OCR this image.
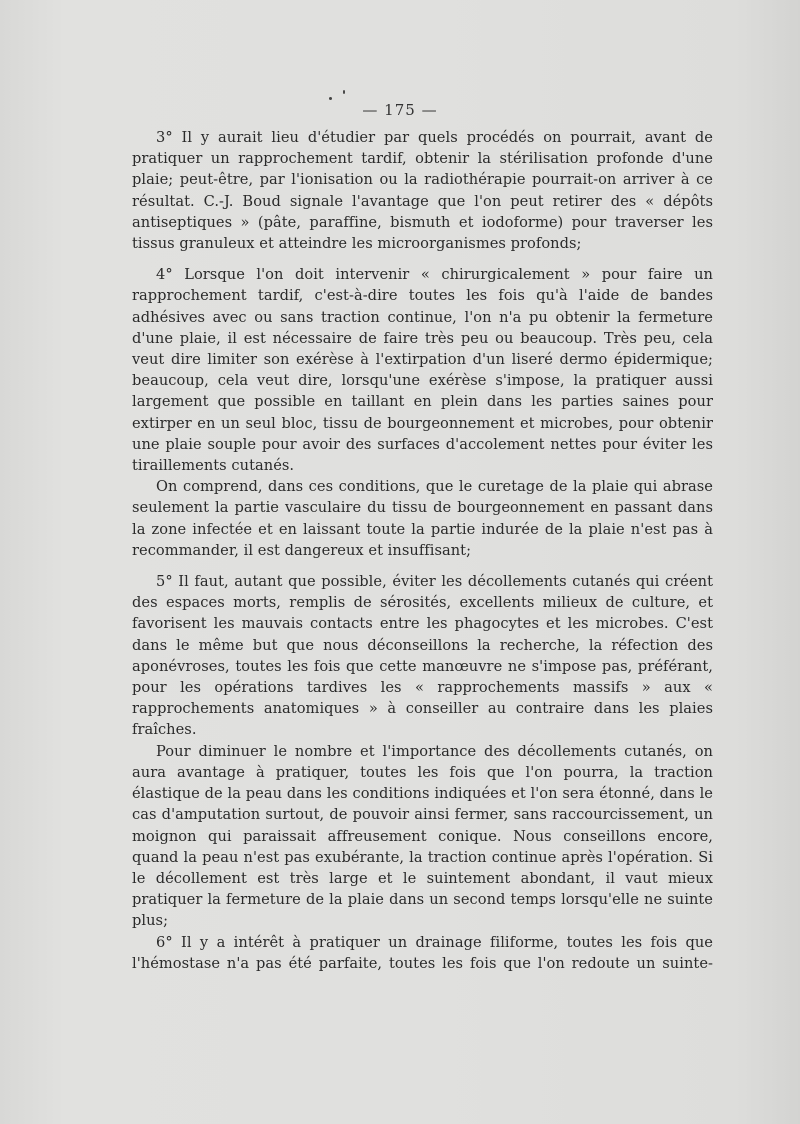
— 175 —

3° Il y aurait lieu d'étudier par quels procédés on pourrait, avant de pratiquer un rapprochement tardif, obtenir la stérilisation profonde d'une plaie; peut-être, par l'ionisation ou la radiothérapie pourrait-on arriver à ce résultat. C.-J. Boud signale l'avantage que l'on peut retirer des « dépôts antiseptiques » (pâte, paraffine, bismuth et iodoforme) pour traverser les tissus granuleux et atteindre les microorganismes profonds;

4° Lorsque l'on doit intervenir « chirurgicalement » pour faire un rapprochement tardif, c'est-à-dire toutes les fois qu'à l'aide de bandes adhésives avec ou sans traction continue, l'on n'a pu obtenir la fermeture d'une plaie, il est nécessaire de faire très peu ou beaucoup. Très peu, cela veut dire limiter son exérèse à l'extirpation d'un liseré dermo épidermique; beaucoup, cela veut dire, lorsqu'une exérèse s'impose, la pratiquer aussi largement que possible en taillant en plein dans les parties saines pour extirper en un seul bloc, tissu de bourgeonnement et microbes, pour obtenir une plaie souple pour avoir des surfaces d'accolement nettes pour éviter les tiraillements cutanés.

On comprend, dans ces conditions, que le curetage de la plaie qui abrase seulement la partie vasculaire du tissu de bourgeonnement en passant dans la zone infectée et en laissant toute la partie indurée de la plaie n'est pas à recommander, il est dangereux et insuffisant;

5° Il faut, autant que possible, éviter les décollements cutanés qui créent des espaces morts, remplis de sérosités, excellents milieux de culture, et favorisent les mauvais contacts entre les phagocytes et les microbes. C'est dans le même but que nous déconseillons la recherche, la réfection des aponévroses, toutes les fois que cette manœuvre ne s'impose pas, préférant, pour les opérations tardives les « rapprochements massifs » aux « rapprochements anatomiques » à conseiller au contraire dans les plaies fraîches.

Pour diminuer le nombre et l'importance des décollements cutanés, on aura avantage à pratiquer, toutes les fois que l'on pourra, la traction élastique de la peau dans les conditions indiquées et l'on sera étonné, dans le cas d'amputation surtout, de pouvoir ainsi fermer, sans raccourcissement, un moignon qui paraissait affreusement conique. Nous conseillons encore, quand la peau n'est pas exubérante, la traction continue après l'opération. Si le décollement est très large et le suintement abondant, il vaut mieux pratiquer la fermeture de la plaie dans un second temps lorsqu'elle ne suinte plus;

6° Il y a intérêt à pratiquer un drainage filiforme, toutes les fois que l'hémostase n'a pas été parfaite, toutes les fois que l'on redoute un suinte-
